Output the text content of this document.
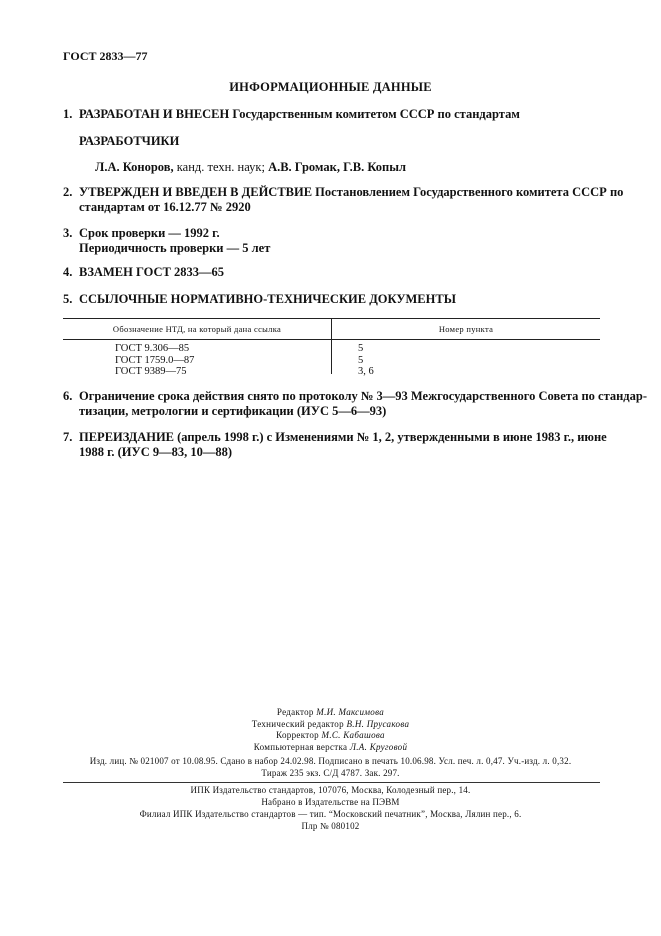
ГОСТ 2833—77
ИНФОРМАЦИОННЫЕ ДАННЫЕ
1. РАЗРАБОТАН И ВНЕСЕН Государственным комитетом СССР по стандартам
РАЗРАБОТЧИКИ
Л.А. Коноров, канд. техн. наук; А.В. Громак, Г.В. Копыл
2. УТВЕРЖДЕН И ВВЕДЕН В ДЕЙСТВИЕ Постановлением Государственного комитета СССР по
стандартам от 16.12.77 № 2920
3. Срок проверки — 1992 г.
Периодичность проверки — 5 лет
4. ВЗАМЕН ГОСТ 2833—65
5. ССЫЛОЧНЫЕ НОРМАТИВНО-ТЕХНИЧЕСКИЕ ДОКУМЕНТЫ
Обозначение НТД, на который дана ссылка	Номер пункта
ГОСТ 9.306—85
ГОСТ 1759.0—87
ГОСТ 9389—75
5
5
3, 6
6. Ограничение срока действия снято по протоколу № 3—93 Межгосударственного Совета по стандар-
тизации, метрологии и сертификации (ИУС 5—6—93)
7. ПЕРЕИЗДАНИЕ (апрель 1998 г.) с Изменениями № 1, 2, утвержденными в июне 1983 г., июне
1988 г. (ИУС 9—83, 10—88)
Редактор М.И. Максимова
Технический редактор В.Н. Прусакова
Корректор М.С. Кабашова
Компьютерная верстка Л.А. Круговой
Изд. лиц. № 021007 от 10.08.95. Сдано в набор 24.02.98. Подписано в печать 10.06.98. Усл. печ. л. 0,47. Уч.-изд. л. 0,32.
Тираж 235 экз. С/Д 4787. Зак. 297.
ИПК Издательство стандартов, 107076, Москва, Колодезный пер., 14.
Набрано в Издательстве на ПЭВМ
Филиал ИПК Издательство стандартов — тип. “Московский печатник”, Москва, Лялин пер., 6.
Плр № 080102
